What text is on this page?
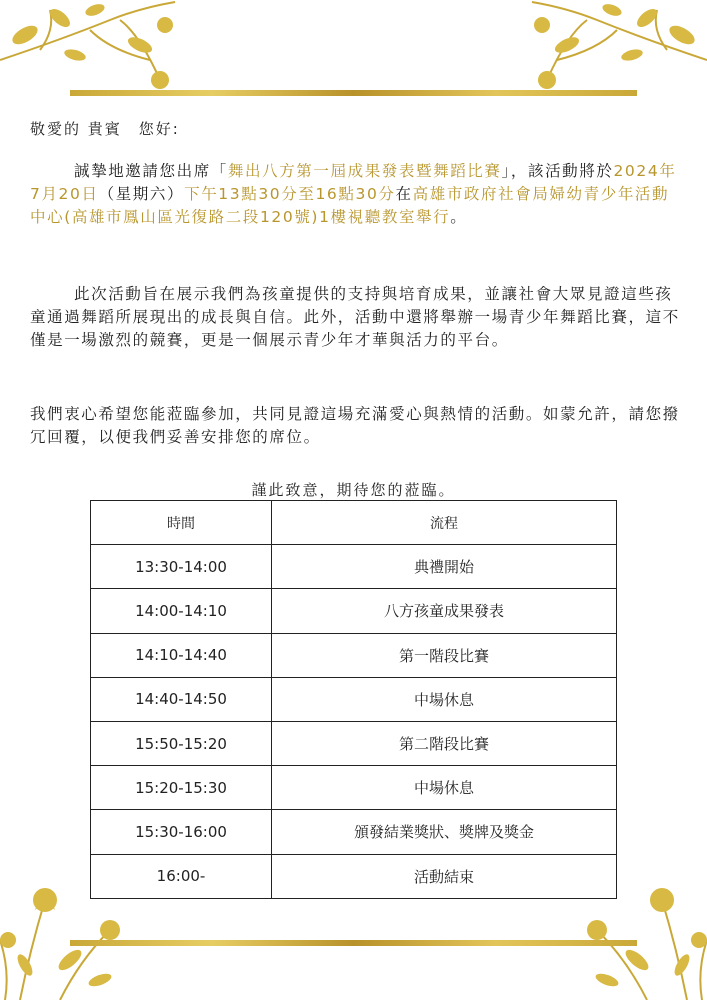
敬愛的 貴賓　您好:

誠摯地邀請您出席「舞出八方第一屆成果發表暨舞蹈比賽」，該活動將於2024年7月20日（星期六）下午13點30分至16點30分在高雄市政府社會局婦幼青少年活動中心(高雄市鳳山區光復路二段120號)1樓視聽教室舉行。

此次活動旨在展示我們為孩童提供的支持與培育成果，並讓社會大眾見證這些孩童通過舞蹈所展現出的成長與自信。此外，活動中還將舉辦一場青少年舞蹈比賽，這不僅是一場激烈的競賽，更是一個展示青少年才華與活力的平台。

我們衷心希望您能蒞臨參加，共同見證這場充滿愛心與熱情的活動。如蒙允許，請您撥冗回覆，以便我們妥善安排您的席位。

謹此致意，期待您的蒞臨。
時間	流程
13:30-14:00	典禮開始
14:00-14:10	八方孩童成果發表
14:10-14:40	第一階段比賽
14:40-14:50	中場休息
15:50-15:20	第二階段比賽
15:20-15:30	中場休息
15:30-16:00	頒發結業獎狀、獎牌及獎金
16:00-	活動結束
